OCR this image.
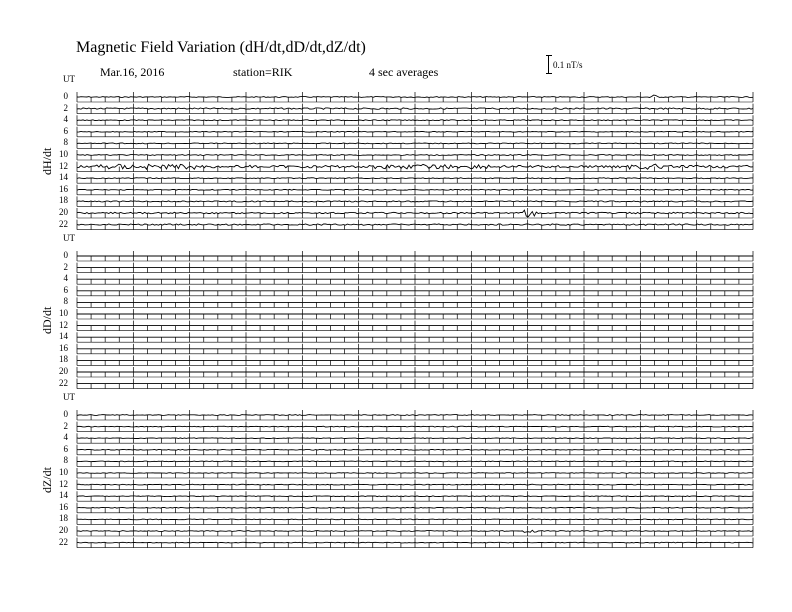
Magnetic Field Variation (dH/dt,dD/dt,dZ/dt)
Mar.16, 2016	station=RIK	4 sec averages	0.1 nT/s
UT
dH/dt
0
2
4
6
8
10
12
14
16
18
20
22
UT
dD/dt
0
2
4
6
8
10
12
14
16
18
20
22
UT
dZ/dt
0
2
4
6
8
10
12
14
16
18
20
22
